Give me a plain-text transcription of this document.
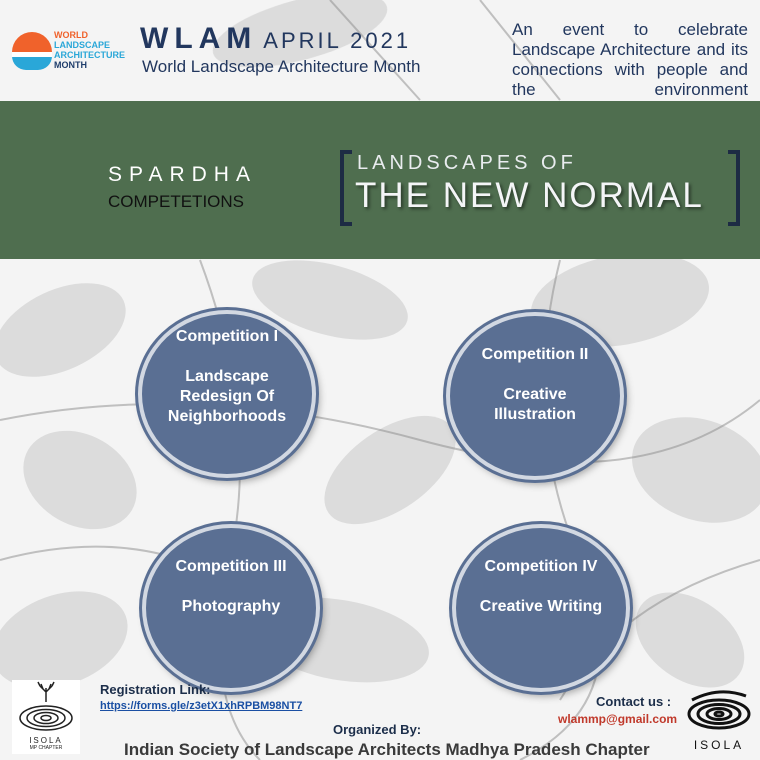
WORLD
LANDSCAPE
ARCHITECTURE
MONTH
WLAM APRIL 2021
World Landscape Architecture Month
An event to celebrate
Landscape Architecture and its
connections with people and
the environment
SPARDHA
COMPETETIONS
LANDSCAPES OF
THE NEW NORMAL
Competition I
Landscape
Redesign Of
Neighborhoods
Competition II
Creative
Illustration
Competition III
Photography
Competition IV
Creative Writing
ISOLA
MP CHAPTER
Registration Link:
https://forms.gle/z3etX1xhRPBM98NT7
Organized By:
Indian Society of Landscape Architects Madhya Pradesh Chapter
Contact us :
wlammp@gmail.com
ISOLA
